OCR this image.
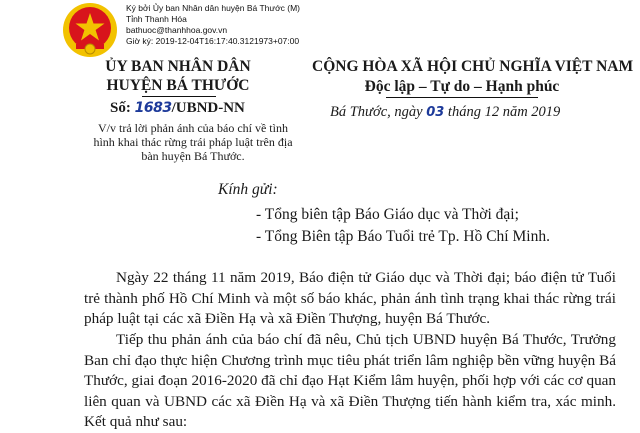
Ký bởi Ủy ban Nhân dân huyện Bá Thước (M)
Tỉnh Thanh Hóa
bathuoc@thanhhoa.gov.vn
Giờ ký: 2019-12-04T16:17:40.3121973+07:00
ỦY BAN NHÂN DÂN
HUYỆN BÁ THƯỚC
Số: 1683/UBND-NN
V/v trả lời phản ánh của báo chí về tình hình khai thác rừng trái pháp luật trên địa bàn huyện Bá Thước.
CỘNG HÒA XÃ HỘI CHỦ NGHĨA VIỆT NAM
Độc lập – Tự do – Hạnh phúc
Bá Thước, ngày 03 tháng 12 năm 2019
Kính gửi:
- Tổng biên tập Báo Giáo dục và Thời đại;
- Tổng Biên tập Báo Tuổi trẻ Tp. Hồ Chí Minh.
Ngày 22 tháng 11 năm 2019, Báo điện tử Giáo dục và Thời đại; báo điện tử Tuổi trẻ thành phố Hồ Chí Minh và một số báo khác, phản ánh tình trạng khai thác rừng trái pháp luật tại các xã Điền Hạ và xã Điền Thượng, huyện Bá Thước.
Tiếp thu phản ánh của báo chí đã nêu, Chủ tịch UBND huyện Bá Thước, Trưởng Ban chỉ đạo thực hiện Chương trình mục tiêu phát triển lâm nghiệp bền vững huyện Bá Thước, giai đoạn 2016-2020 đã chỉ đạo Hạt Kiểm lâm huyện, phối hợp với các cơ quan liên quan và UBND các xã Điền Hạ và xã Điền Thượng tiến hành kiểm tra, xác minh. Kết quả như sau:
